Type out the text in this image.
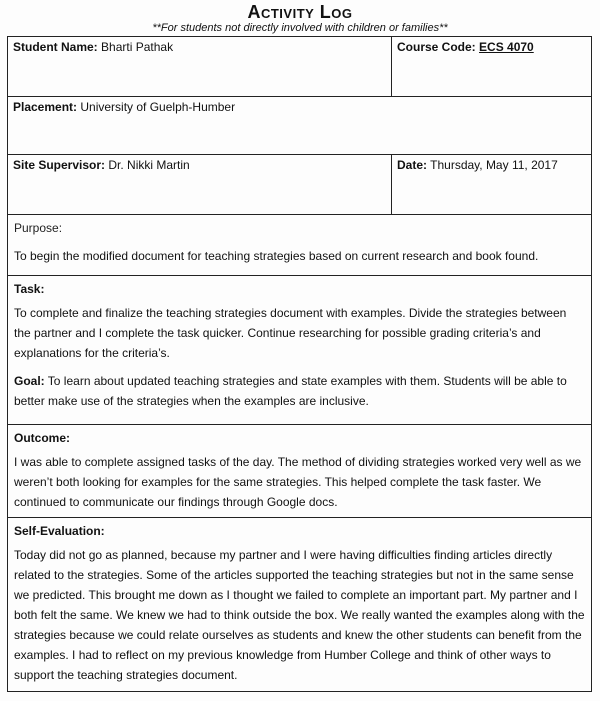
Activity Log
**For students not directly involved with children or families**
Student Name: Bharti Pathak	Course Code: ECS 4070
Placement: University of Guelph-Humber
Site Supervisor: Dr. Nikki Martin	Date: Thursday, May 11, 2017

Purpose:

To begin the modified document for teaching strategies based on current research and book found.

Task:

To complete and finalize the teaching strategies document with examples. Divide the strategies between the partner and I complete the task quicker. Continue researching for possible grading criteria’s and explanations for the criteria’s.

Goal: To learn about updated teaching strategies and state examples with them. Students will be able to better make use of the strategies when the examples are inclusive.

Outcome:

I was able to complete assigned tasks of the day. The method of dividing strategies worked very well as we weren’t both looking for examples for the same strategies. This helped complete the task faster. We continued to communicate our findings through Google docs.

Self-Evaluation:

Today did not go as planned, because my partner and I were having difficulties finding articles directly related to the strategies. Some of the articles supported the teaching strategies but not in the same sense we predicted. This brought me down as I thought we failed to complete an important part. My partner and I both felt the same. We knew we had to think outside the box. We really wanted the examples along with the strategies because we could relate ourselves as students and knew the other students can benefit from the examples. I had to reflect on my previous knowledge from Humber College and think of other ways to support the teaching strategies document.
